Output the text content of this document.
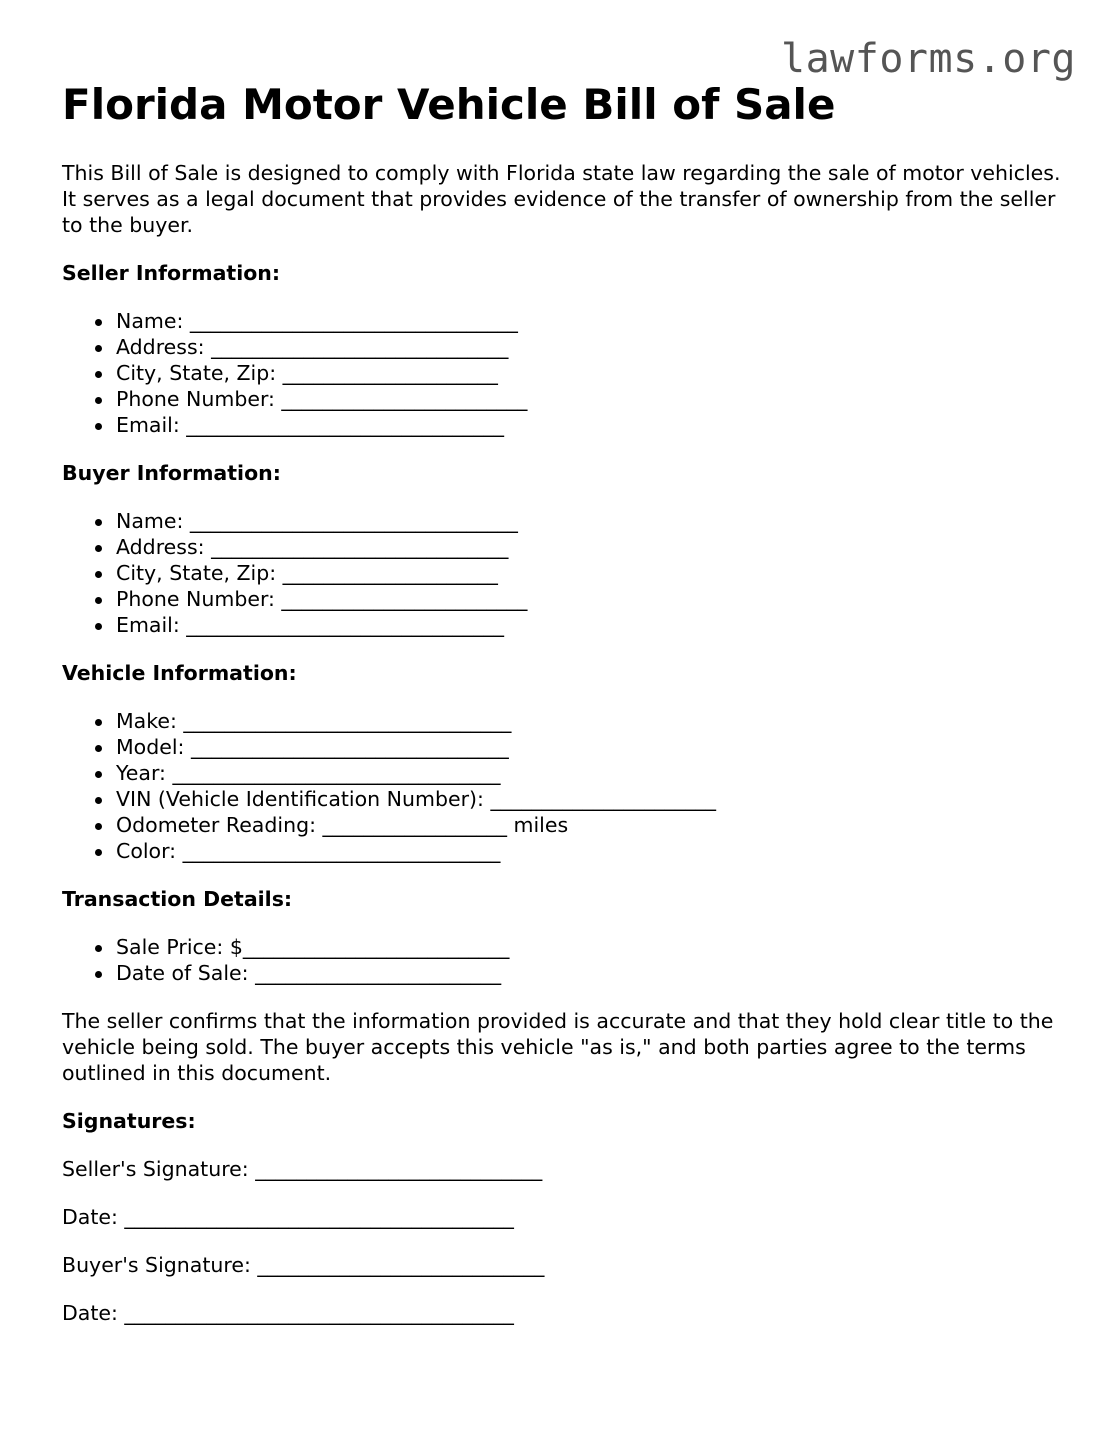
lawforms.org
Florida Motor Vehicle Bill of Sale

This Bill of Sale is designed to comply with Florida state law regarding the sale of motor vehicles. It serves as a legal document that provides evidence of the transfer of ownership from the seller to the buyer.

Seller Information:
Name: ________________________________
Address: _____________________________
City, State, Zip: _____________________
Phone Number: ________________________
Email: _______________________________
Buyer Information:
Name: ________________________________
Address: _____________________________
City, State, Zip: _____________________
Phone Number: ________________________
Email: _______________________________
Vehicle Information:
Make: ________________________________
Model: _______________________________
Year: ________________________________
VIN (Vehicle Identification Number): ______________________
Odometer Reading: __________________ miles
Color: _______________________________
Transaction Details:
Sale Price: $__________________________
Date of Sale: ________________________

The seller confirms that the information provided is accurate and that they hold clear title to the vehicle being sold. The buyer accepts this vehicle "as is," and both parties agree to the terms outlined in this document.

Signatures:
Seller's Signature: ____________________________
Date: ______________________________________
Buyer's Signature: ____________________________
Date: ______________________________________
